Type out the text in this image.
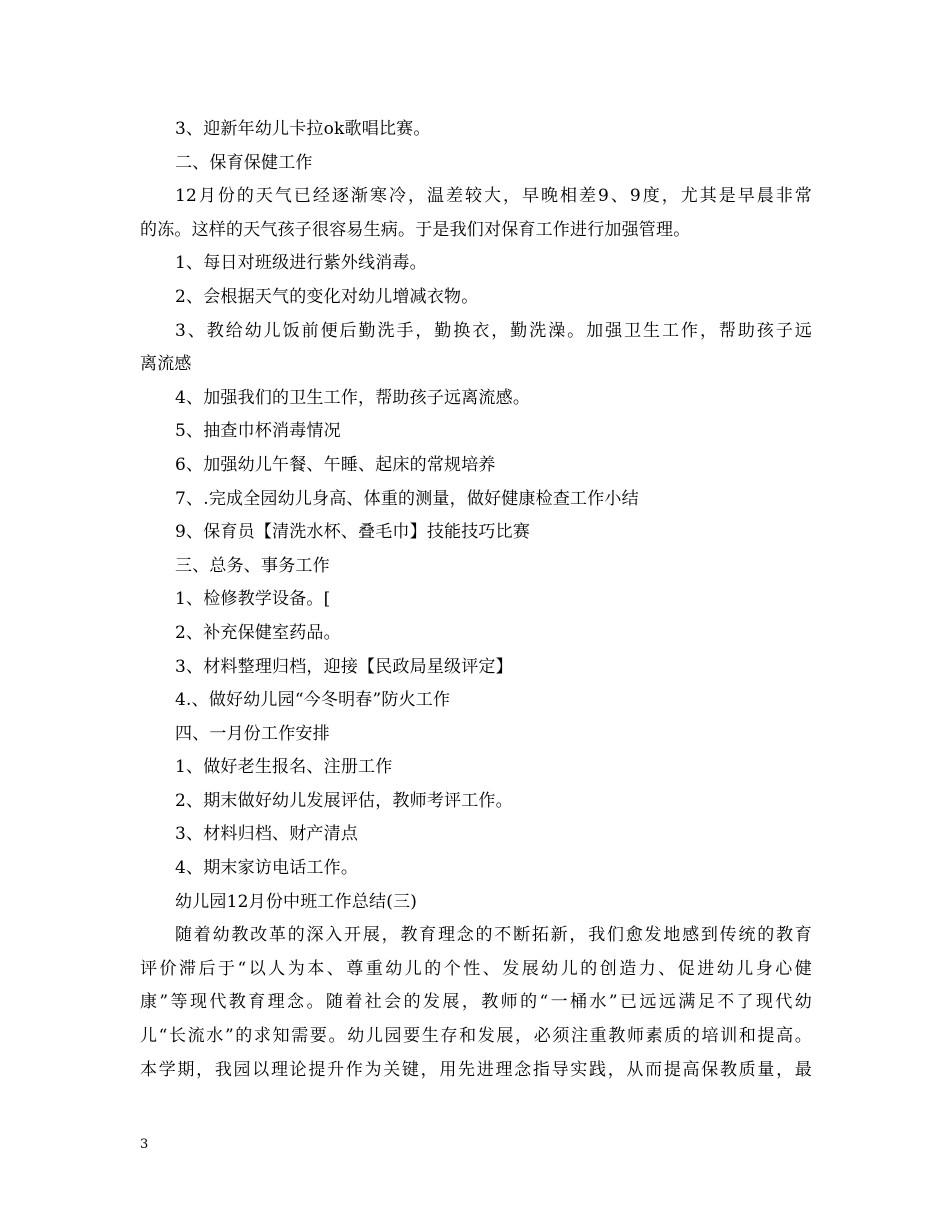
3、迎新年幼儿卡拉ok歌唱比赛。
二、保育保健工作
12月份的天气已经逐渐寒冷，温差较大，早晚相差9、9度，尤其是早晨非常
的冻。这样的天气孩子很容易生病。于是我们对保育工作进行加强管理。
1、每日对班级进行紫外线消毒。
2、会根据天气的变化对幼儿增减衣物。
3、教给幼儿饭前便后勤洗手，勤换衣，勤洗澡。加强卫生工作，帮助孩子远
离流感
4、加强我们的卫生工作，帮助孩子远离流感。
5、抽查巾杯消毒情况
6、加强幼儿午餐、午睡、起床的常规培养
7、.完成全园幼儿身高、体重的测量，做好健康检查工作小结
9、保育员【清洗水杯、叠毛巾】技能技巧比赛
三、总务、事务工作
1、检修教学设备。[
2、补充保健室药品。
3、材料整理归档，迎接【民政局星级评定】
4.、做好幼儿园“今冬明春”防火工作
四、一月份工作安排
1、做好老生报名、注册工作
2、期末做好幼儿发展评估，教师考评工作。
3、材料归档、财产清点
4、期末家访电话工作。
幼儿园12月份中班工作总结(三)
随着幼教改革的深入开展，教育理念的不断拓新，我们愈发地感到传统的教育
评价滞后于“以人为本、尊重幼儿的个性、发展幼儿的创造力、促进幼儿身心健
康”等现代教育理念。随着社会的发展，教师的“一桶水”已远远满足不了现代幼
儿“长流水”的求知需要。幼儿园要生存和发展，必须注重教师素质的培训和提高。
本学期，我园以理论提升作为关键，用先进理念指导实践，从而提高保教质量，最
3
